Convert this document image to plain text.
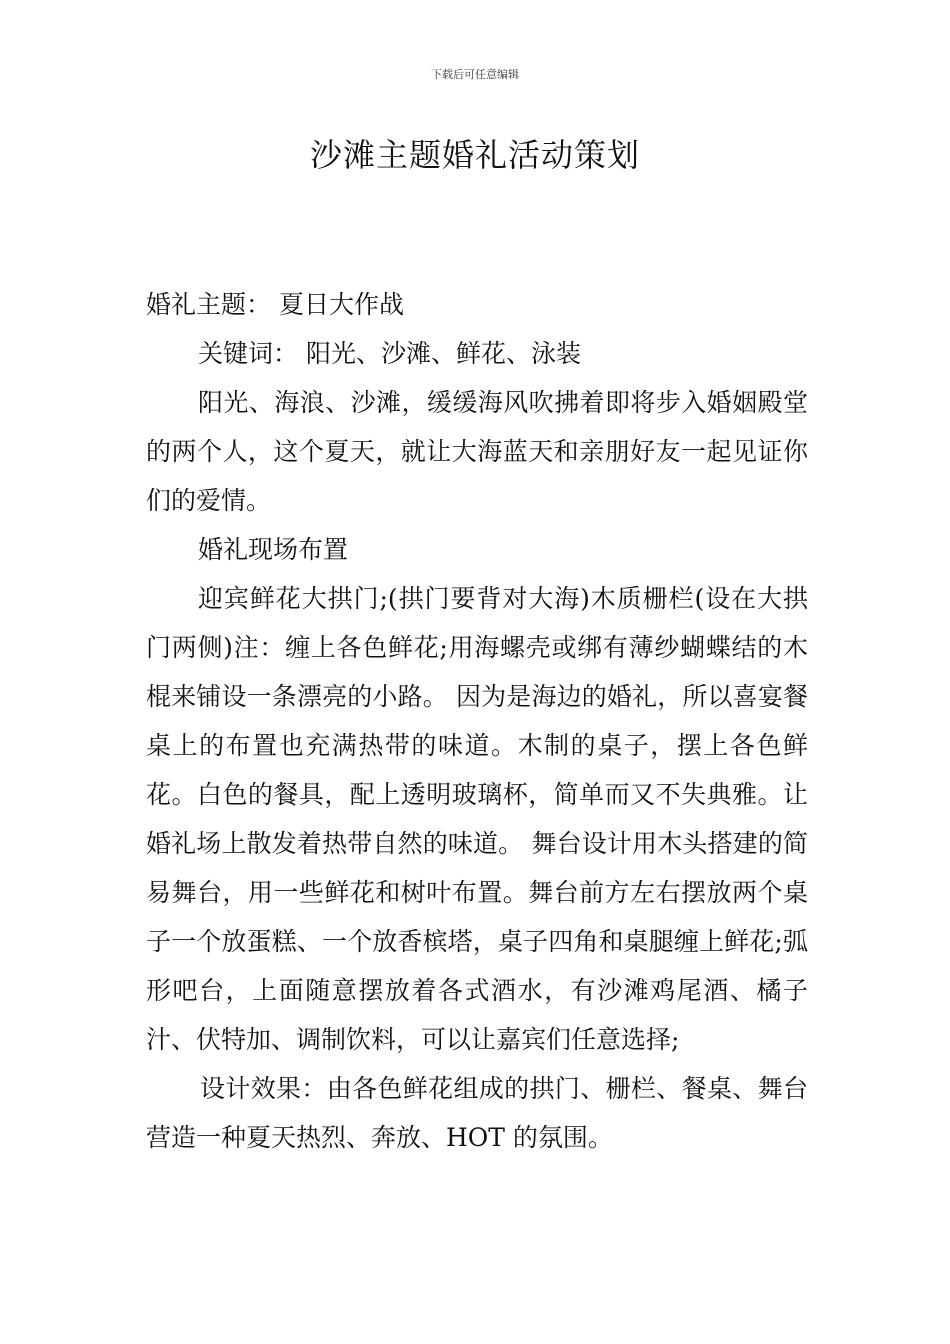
下载后可任意编辑
沙滩主题婚礼活动策划

婚礼主题： 夏日大作战

关键词： 阳光、沙滩、鲜花、泳装

阳光、海浪、沙滩，缓缓海风吹拂着即将步入婚姻殿堂的两个人，这个夏天，就让大海蓝天和亲朋好友一起见证你们的爱情。

婚礼现场布置

迎宾鲜花大拱门;(拱门要背对大海)木质栅栏(设在大拱门两侧)注：缠上各色鲜花;用海螺壳或绑有薄纱蝴蝶结的木棍来铺设一条漂亮的小路。 因为是海边的婚礼，所以喜宴餐桌上的布置也充满热带的味道。木制的桌子，摆上各色鲜花。白色的餐具，配上透明玻璃杯，简单而又不失典雅。让婚礼场上散发着热带自然的味道。 舞台设计用木头搭建的简易舞台，用一些鲜花和树叶布置。舞台前方左右摆放两个桌子一个放蛋糕、一个放香槟塔，桌子四角和桌腿缠上鲜花;弧形吧台，上面随意摆放着各式酒水，有沙滩鸡尾酒、橘子汁、伏特加、调制饮料，可以让嘉宾们任意选择;

设计效果：由各色鲜花组成的拱门、栅栏、餐桌、舞台营造一种夏天热烈、奔放、HOT 的氛围。
